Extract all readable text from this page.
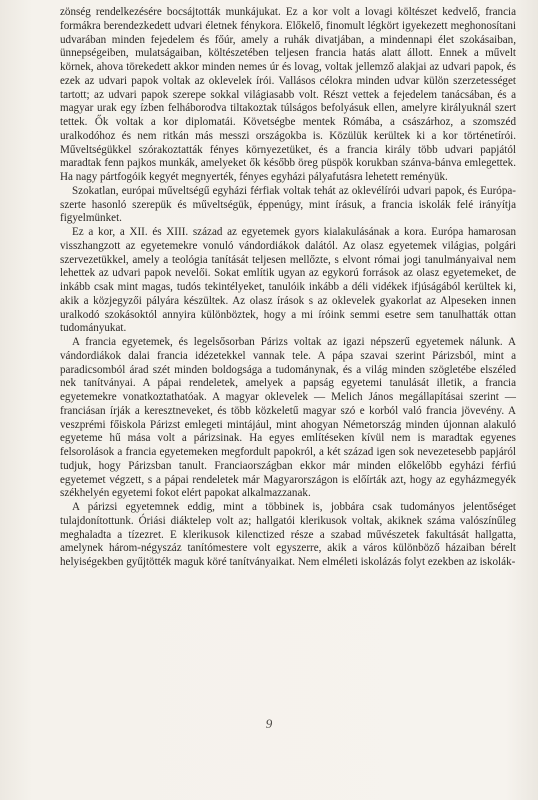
zönség rendelkezésére bocsájtották munkájukat. Ez a kor volt a lovagi költészet kedvelő, francia formákra berendezkedett udvari életnek fénykora. Előkelő, finomult légkört igyekezett meghonosítani udvarában minden fejedelem és főúr, amely a ruhák divatjában, a mindennapi élet szokásaiban, ünnepségeiben, mulatságaiban, költészetében teljesen francia hatás alatt állott. Ennek a művelt körnek, ahova törekedett akkor minden nemes úr és lovag, voltak jellemző alakjai az udvari papok, és ezek az udvari papok voltak az oklevelek írói. Vallásos célokra minden udvar külön szerzetességet tartott; az udvari papok szerepe sokkal világiasabb volt. Részt vettek a fejedelem tanácsában, és a magyar urak egy ízben felháborodva tiltakoztak túlságos befolyásuk ellen, amelyre királyuknál szert tettek. Ők voltak a kor diplomatái. Követségbe mentek Rómába, a császárhoz, a szomszéd uralkodóhoz és nem ritkán más messzi országokba is. Közülük kerültek ki a kor történetírói. Műveltségükkel szórakoztatták fényes környezetüket, és a francia király több udvari papjától maradtak fenn pajkos munkák, amelyeket ők később öreg püspök korukban szánva-bánva emlegettek. Ha nagy pártfogóik kegyét megnyerték, fényes egyházi pályafutásra lehetett reményük.

Szokatlan, európai műveltségű egyházi férfiak voltak tehát az oklevélírói udvari papok, és Európa-szerte hasonló szerepük és műveltségük, éppenúgy, mint írásuk, a francia iskolák felé irányítja figyelmünket.

Ez a kor, a XII. és XIII. század az egyetemek gyors kialakulásának a kora. Európa hamarosan visszhangzott az egyetemekre vonuló vándordiákok dalától. Az olasz egyetemek világias, polgári szervezetükkel, amely a teológia tanítását teljesen mellőzte, s elvont római jogi tanulmányaival nem lehettek az udvari papok nevelői. Sokat említik ugyan az egykorú források az olasz egyetemeket, de inkább csak mint magas, tudós tekintélyeket, tanulóik inkább a déli vidékek ifjúságából kerültek ki, akik a közjegyzői pályára készültek. Az olasz írások s az oklevelek gyakorlat az Alpeseken innen uralkodó szokásoktól annyira különböztek, hogy a mi íróink semmi esetre sem tanulhatták ottan tudományukat.

A francia egyetemek, és legelsősorban Párizs voltak az igazi népszerű egyetemek nálunk. A vándordiákok dalai francia idézetekkel vannak tele. A pápa szavai szerint Párizsból, mint a paradicsomból árad szét minden boldogsága a tudománynak, és a világ minden szögletébe elszéled nek tanítványai. A pápai rendeletek, amelyek a papság egyetemi tanulását illetik, a francia egyetemekre vonatkoztathatóak. A magyar oklevelek — Melich János megállapításai szerint — franciásan írják a keresztneveket, és több közkeletű magyar szó e korból való francia jövevény. A veszprémi főiskola Párizst emlegeti mintájául, mint ahogyan Németország minden újonnan alakuló egyeteme hű mása volt a párizsinak. Ha egyes említéseken kívül nem is maradtak egyenes felsorolások a francia egyetemeken megfordult papokról, a két század igen sok nevezetesebb papjáról tudjuk, hogy Párizsban tanult. Franciaországban ekkor már minden előkelőbb egyházi férfiú egyetemet végzett, s a pápai rendeletek már Magyarországon is előírták azt, hogy az egyházmegyék székhelyén egyetemi fokot elért papokat alkalmazzanak.

A párizsi egyetemnek eddig, mint a többinek is, jobbára csak tudományos jelentőséget tulajdonítottunk. Óriási diáktelep volt az; hallgatói klerikusok voltak, akiknek száma valószínűleg meghaladta a tízezret. E klerikusok kilenctized része a szabad művészetek fakultását hallgatta, amelynek három-négyszáz tanítómestere volt egyszerre, akik a város különböző házaiban bérelt helyiségekben gyűjtötték maguk köré tanítványaikat. Nem elméleti iskolázás folyt ezekben az iskolák-

9
